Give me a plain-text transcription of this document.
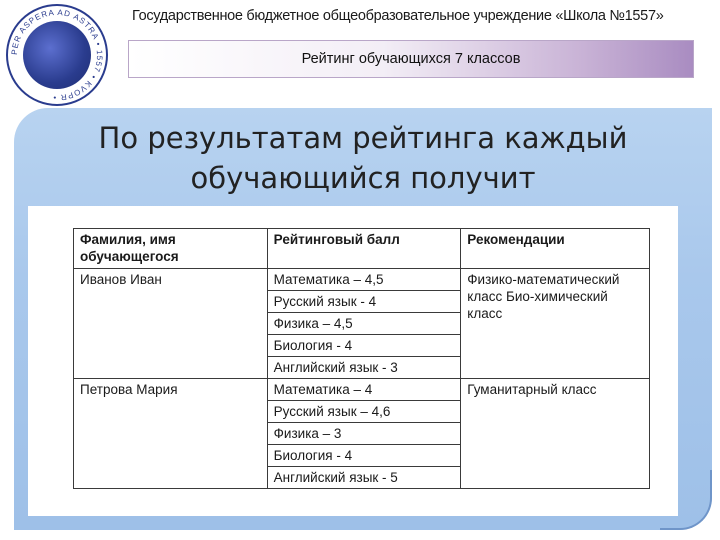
PER ASPERA AD ASTRA • 1557 • KVOPR •
Государственное бюджетное общеобразовательное учреждение «Школа №1557»
Рейтинг обучающихся 7 классов
По результатам рейтинга каждый
обучающийся получит
Фамилия, имя обучающегося	Рейтинговый балл	Рекомендации
Иванов Иван	Математика – 4,5	Физико-математический класс Био-химический класс
	Русский язык - 4	
	Физика – 4,5	
	Биология - 4	
	Английский язык - 3	
Петрова Мария	Математика – 4	Гуманитарный класс
	Русский язык – 4,6	
	Физика – 3	
	Биология - 4	
	Английский язык - 5	
